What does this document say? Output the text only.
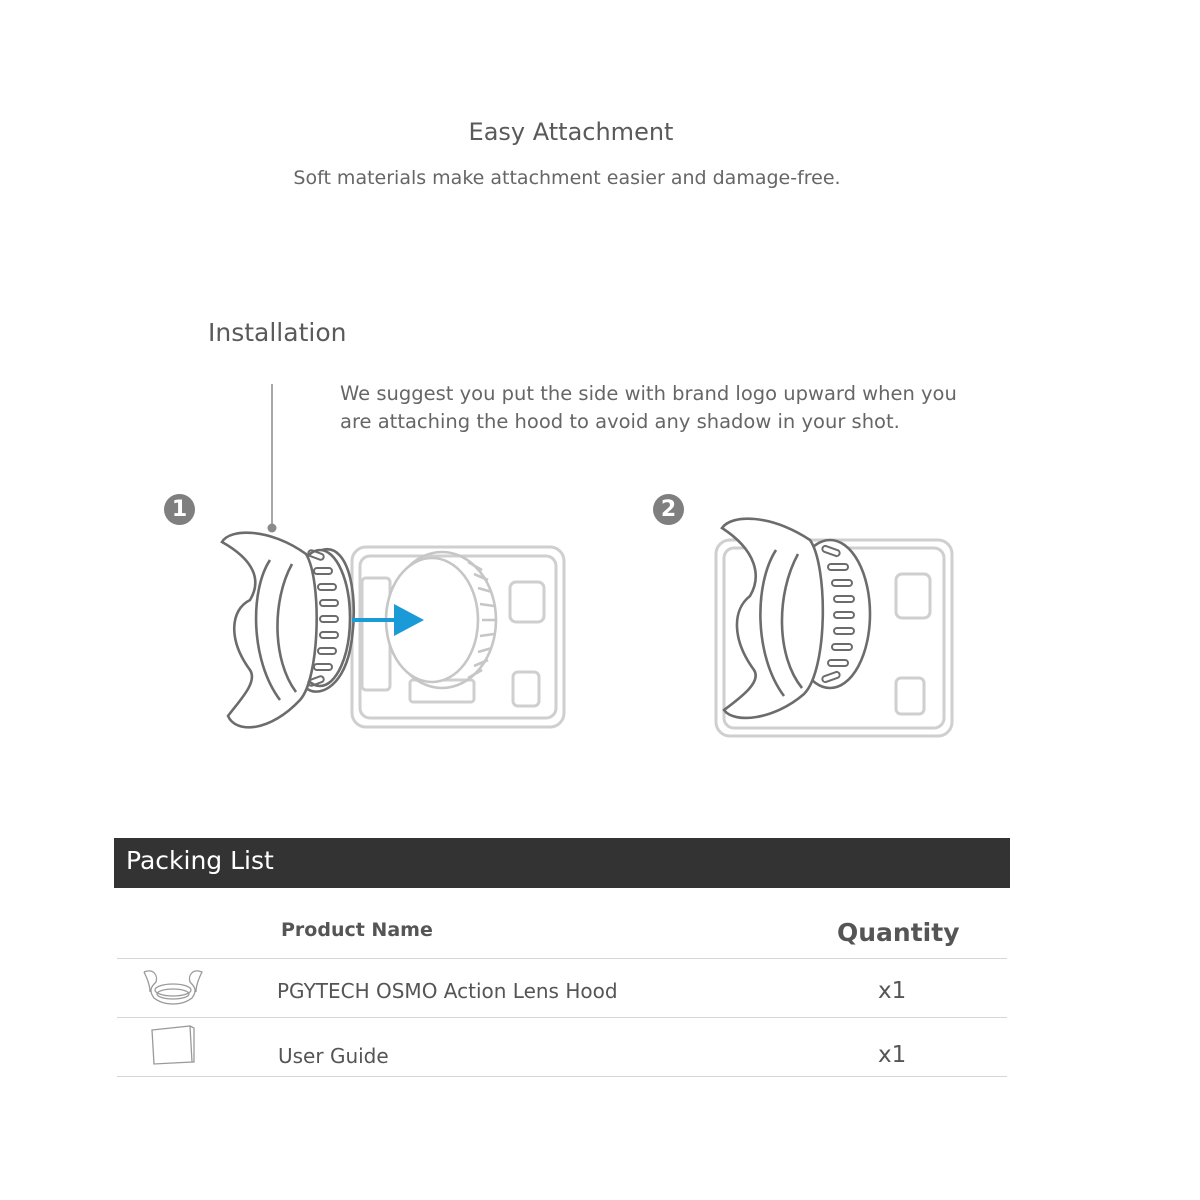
Easy Attachment
Soft materials make attachment easier and damage-free.
Installation
We suggest you put the side with brand logo upward when you are attaching the hood to avoid any shadow in your shot.
1	2
Packing List
Product Name	Quantity
PGYTECH OSMO Action Lens Hood	x1
User Guide	x1
